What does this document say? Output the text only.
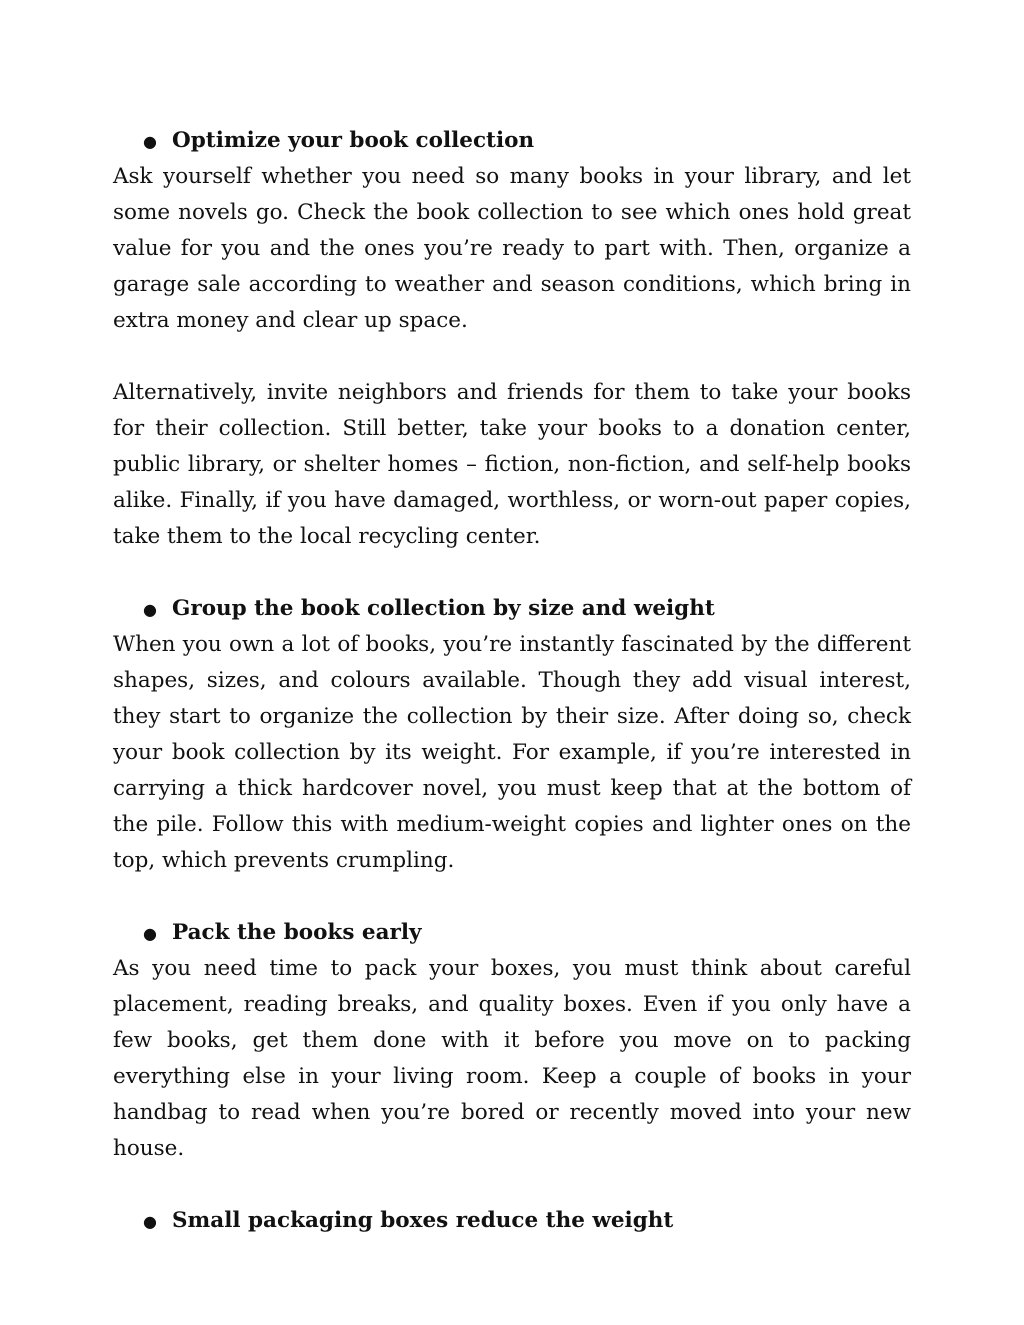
● Optimize your book collection

Ask yourself whether you need so many books in your library, and let some novels go. Check the book collection to see which ones hold great value for you and the ones you’re ready to part with. Then, organize a garage sale according to weather and season conditions, which bring in extra money and clear up space.

Alternatively, invite neighbors and friends for them to take your books for their collection. Still better, take your books to a donation center, public library, or shelter homes – fiction, non-fiction, and self-help books alike. Finally, if you have damaged, worthless, or worn-out paper copies, take them to the local recycling center.

● Group the book collection by size and weight

When you own a lot of books, you’re instantly fascinated by the different shapes, sizes, and colours available. Though they add visual interest, they start to organize the collection by their size. After doing so, check your book collection by its weight. For example, if you’re interested in carrying a thick hardcover novel, you must keep that at the bottom of the pile. Follow this with medium-weight copies and lighter ones on the top, which prevents crumpling.

● Pack the books early

As you need time to pack your boxes, you must think about careful placement, reading breaks, and quality boxes. Even if you only have a few books, get them done with it before you move on to packing everything else in your living room. Keep a couple of books in your handbag to read when you’re bored or recently moved into your new house.

● Small packaging boxes reduce the weight
